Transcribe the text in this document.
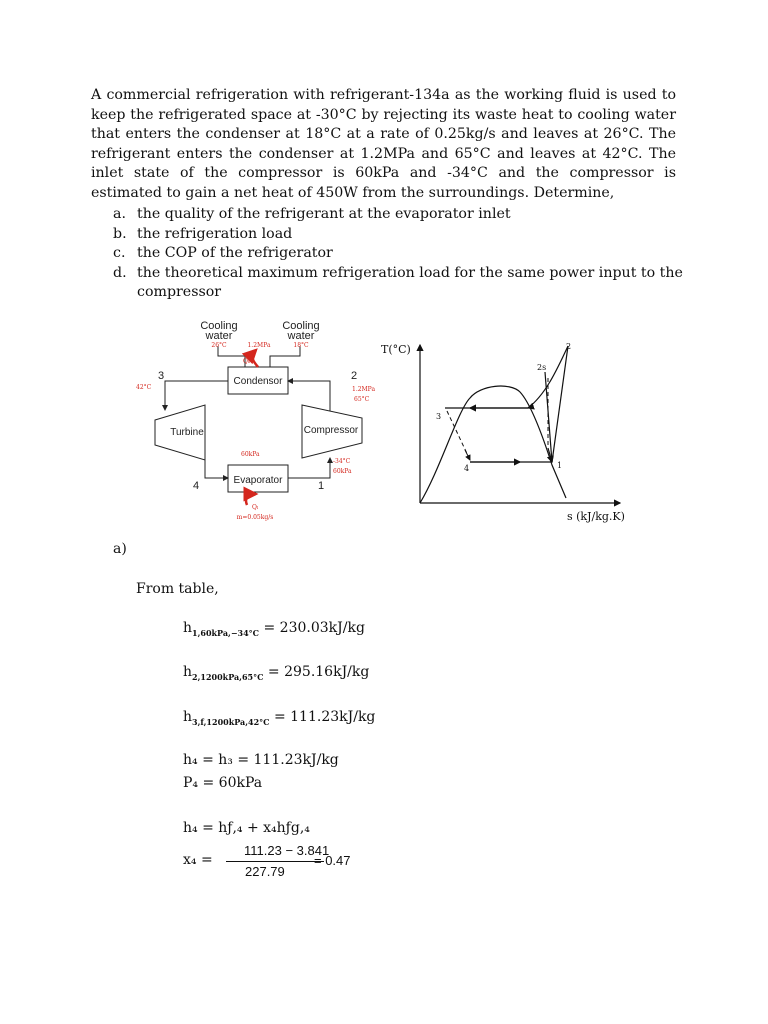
A commercial refrigeration with refrigerant-134a as the working fluid is used to keep the refrigerated space at -30°C by rejecting its waste heat to cooling water that enters the condenser at 18°C at a rate of 0.25kg/s and leaves at 26°C. The refrigerant enters the condenser at 1.2MPa and 65°C and leaves at 42°C. The inlet state of the compressor is 60kPa and -34°C and the compressor is estimated to gain a net heat of 450W from the surroundings. Determine,

a. the quality of the refrigerant at the evaporator inlet
b. the refrigeration load
c. the COP of the refrigerator
d. the theoretical maximum refrigeration load for the same power input to the compressor
Cooling
water
Cooling
water
26°C	1.2MPa	18°C
Qₕ
Condensor
Turbine	Compressor
Evaporator
3	2
4	1
42°C	1.2MPa
65°C
60kPa
-34°C
60kPa
Qₗ
m=0.05kg/s
T(°C)
s (kJ/kg.K)
2
2s
3
4	1
a)
From table,
$h_{1,60kPa,-34^\circ C} = 230.03kJ/kg$
$h_{2,1200kPa,65^\circ C} = 295.16kJ/kg$
$h_{3,f,1200kPa,42^\circ C} = 111.23kJ/kg$
h₄ = h₃ = 111.23kJ/kg
P₄ = 60kPa
h₄ = hƒ,₄ + x₄hƒg,₄
x₄ =
111.23 − 3.841
227.79
= 0.47
